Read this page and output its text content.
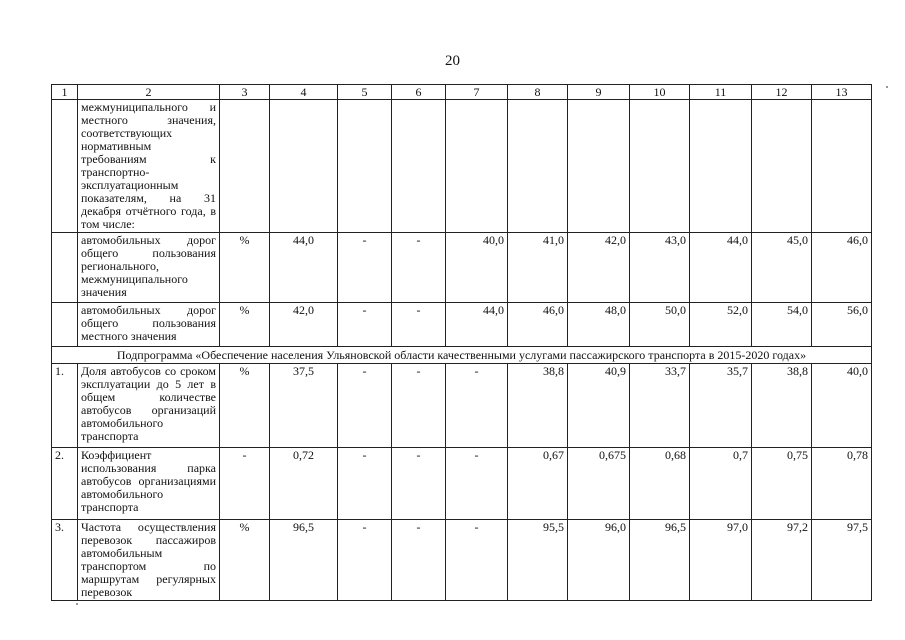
20
1	2	3	4	5	6	7	8	9	10	11	12	13
	межмуниципального и местного значения, соответствующих нормативным требованиям к транспортно-эксплуатационным показателям, на 31 декабря отчётного года, в том числе:											
	автомобильных дорог общего пользования регионального, межмуниципального значения	%	44,0	-	-	40,0	41,0	42,0	43,0	44,0	45,0	46,0
	автомобильных дорог общего пользования местного значения	%	42,0	-	-	44,0	46,0	48,0	50,0	52,0	54,0	56,0
Подпрограмма «Обеспечение населения Ульяновской области качественными услугами пассажирского транспорта в 2015-2020 годах»												
1.	Доля автобусов со сроком эксплуатации до 5 лет в общем количестве автобусов организаций автомобильного транспорта	%	37,5	-	-	-	38,8	40,9	33,7	35,7	38,8	40,0
2.	Коэффициент использования парка автобусов организациями автомобильного транспорта	-	0,72	-	-	-	0,67	0,675	0,68	0,7	0,75	0,78
3.	Частота осуществления перевозок пассажиров автомобильным транспортом по маршрутам регулярных перевозок	%	96,5	-	-	-	95,5	96,0	96,5	97,0	97,2	97,5
